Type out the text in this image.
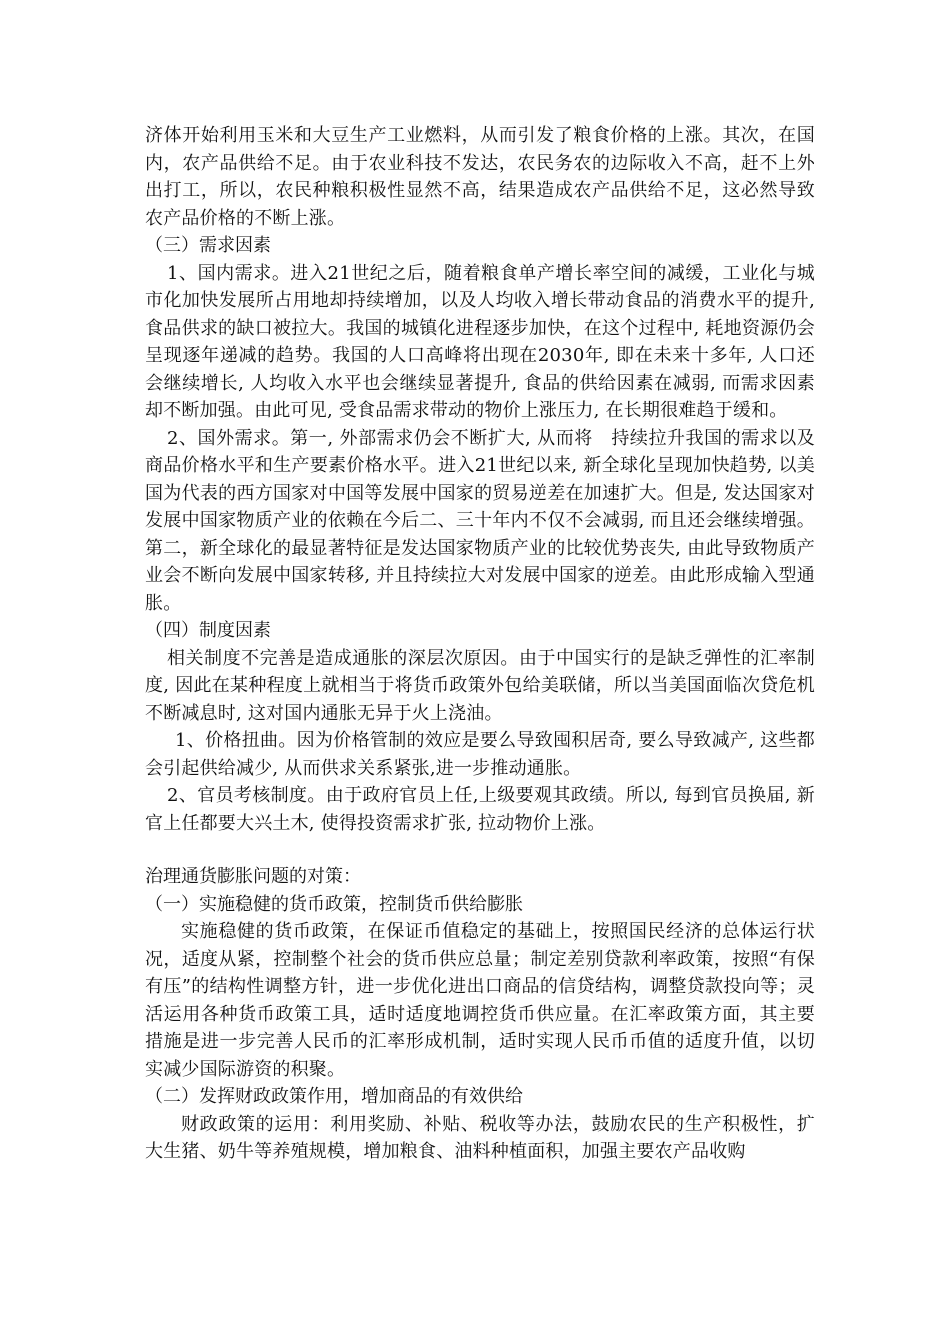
济体开始利用玉米和大豆生产工业燃料，从而引发了粮食价格的上涨。其次，在国内，农产品供给不足。由于农业科技不发达，农民务农的边际收入不高，赶不上外出打工，所以，农民种粮积极性显然不高，结果造成农产品供给不足，这必然导致农产品价格的不断上涨。

（三）需求因素

1、国内需求。进入21世纪之后，随着粮食单产增长率空间的减缓，工业化与城市化加快发展所占用地却持续增加，以及人均收入增长带动食品的消费水平的提升, 食品供求的缺口被拉大。我国的城镇化进程逐步加快，在这个过程中, 耗地资源仍会呈现逐年递减的趋势。我国的人口高峰将出现在2030年, 即在未来十多年, 人口还会继续增长, 人均收入水平也会继续显著提升, 食品的供给因素在减弱, 而需求因素却不断加强。由此可见, 受食品需求带动的物价上涨压力, 在长期很难趋于缓和。

2、国外需求。第一, 外部需求仍会不断扩大, 从而将　持续拉升我国的需求以及商品价格水平和生产要素价格水平。进入21世纪以来, 新全球化呈现加快趋势, 以美国为代表的西方国家对中国等发展中国家的贸易逆差在加速扩大。但是, 发达国家对发展中国家物质产业的依赖在今后二、三十年内不仅不会减弱, 而且还会继续增强。第二，新全球化的最显著特征是发达国家物质产业的比较优势丧失, 由此导致物质产业会不断向发展中国家转移, 并且持续拉大对发展中国家的逆差。由此形成输入型通胀。

（四）制度因素

相关制度不完善是造成通胀的深层次原因。由于中国实行的是缺乏弹性的汇率制度, 因此在某种程度上就相当于将货币政策外包给美联储，所以当美国面临次贷危机不断减息时, 这对国内通胀无异于火上浇油。

1、价格扭曲。因为价格管制的效应是要么导致囤积居奇, 要么导致减产, 这些都会引起供给减少, 从而供求关系紧张,进一步推动通胀。

2、官员考核制度。由于政府官员上任,上级要观其政绩。所以, 每到官员换届, 新官上任都要大兴土木, 使得投资需求扩张, 拉动物价上涨。

治理通货膨胀问题的对策：

（一）实施稳健的货币政策，控制货币供给膨胀

实施稳健的货币政策，在保证币值稳定的基础上，按照国民经济的总体运行状况，适度从紧，控制整个社会的货币供应总量；制定差别贷款利率政策，按照“有保有压”的结构性调整方针，进一步优化进出口商品的信贷结构，调整贷款投向等；灵活运用各种货币政策工具，适时适度地调控货币供应量。在汇率政策方面，其主要措施是进一步完善人民币的汇率形成机制，适时实现人民币币值的适度升值，以切实减少国际游资的积聚。

（二）发挥财政政策作用，增加商品的有效供给

财政政策的运用：利用奖励、补贴、税收等办法，鼓励农民的生产积极性，扩大生猪、奶牛等养殖规模，增加粮食、油料种植面积，加强主要农产品收购
